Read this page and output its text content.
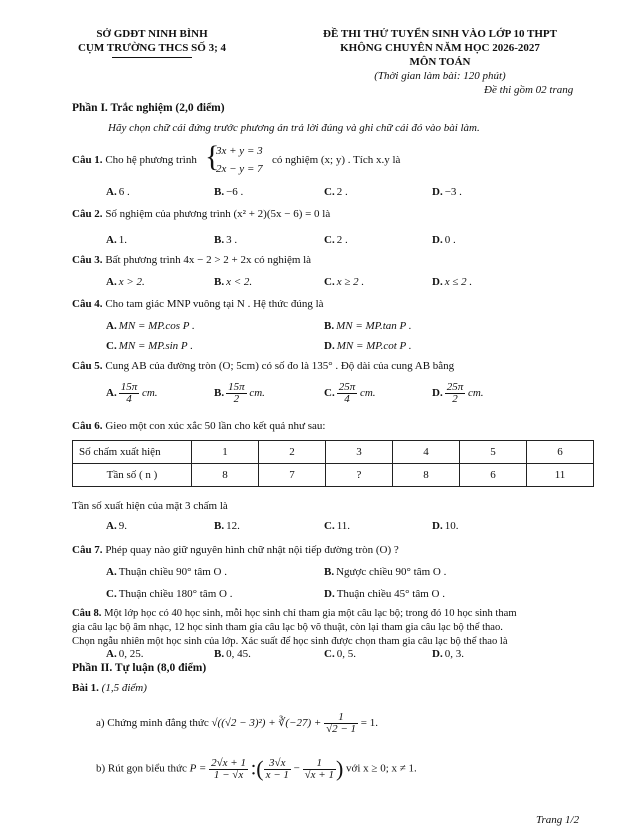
SỞ GDĐT NINH BÌNH
CỤM TRƯỜNG THCS SỐ 3; 4
ĐỀ THI THỬ TUYỂN SINH VÀO LỚP 10 THPT
KHÔNG CHUYÊN NĂM HỌC 2026-2027
MÔN TOÁN
(Thời gian làm bài: 120 phút)
Đề thi gồm 02 trang
Phần I. Trắc nghiệm (2,0 điểm)
Hãy chọn chữ cái đứng trước phương án trả lời đúng và ghi chữ cái đó vào bài làm.
Câu 1. Cho hệ phương trình {
3x + y = 3
2x − y = 7
có nghiệm (x; y) . Tích x.y là
A. 6 .	B. −6 .	C. 2 .	D. −3 .
Câu 2. Số nghiệm của phương trình (x² + 2)(5x − 6) = 0 là
A. 1.	B. 3 .	C. 2 .	D. 0 .
Câu 3. Bất phương trình 4x − 2 > 2 + 2x có nghiệm là
A. x > 2.	B. x < 2.	C. x ≥ 2 .	D. x ≤ 2 .
Câu 4. Cho tam giác MNP vuông tại N . Hệ thức đúng là
A. MN = MP.cos P .	B. MN = MP.tan P .
C. MN = MP.sin P .	D. MN = MP.cot P .
Câu 5. Cung AB của đường tròn (O; 5cm) có số đo là 135° . Độ dài của cung AB bằng
A. $\frac{15\pi}{4}$ cm.	B. $\frac{15\pi}{2}$ cm.	C. $\frac{25\pi}{4}$ cm.	D. $\frac{25\pi}{2}$ cm.
Câu 6. Gieo một con xúc xắc 50 lần cho kết quả như sau:
Số chấm xuất hiện	1	2	3	4	5	6
Tần số ( n )	8	7	?	8	6	11
Tần số xuất hiện của mặt 3 chấm là
A. 9.	B. 12.	C. 11.	D. 10.
Câu 7. Phép quay nào giữ nguyên hình chữ nhật nội tiếp đường tròn (O) ?
A. Thuận chiều 90° tâm O .	B. Ngược chiều 90° tâm O .
C. Thuận chiều 180° tâm O .	D. Thuận chiều 45° tâm O .
Câu 8. Một lớp học có 40 học sinh, mỗi học sinh chỉ tham gia một câu lạc bộ; trong đó 10 học sinh tham
gia câu lạc bộ âm nhạc, 12 học sinh tham gia câu lạc bộ võ thuật, còn lại tham gia câu lạc bộ thể thao.
Chọn ngẫu nhiên một học sinh của lớp. Xác suất để học sinh được chọn tham gia câu lạc bộ thể thao là
A. 0, 25.	B. 0, 45.	C. 0, 5.	D. 0, 3.
Phần II. Tự luận (8,0 điểm)
Bài 1. (1,5 điểm)
a) Chứng minh đẳng thức √((√2 − 3)²) + ∛(−27) + $\frac{1}{√2 - 1} = 1$.
b) Rút gọn biểu thức $P = \frac{2√x + 1}{1 - √x}$ :( $\frac{3√x}{x - 1} - \frac{1}{√x + 1}$ ) với x ≥ 0; x ≠ 1.
Trang 1/2
